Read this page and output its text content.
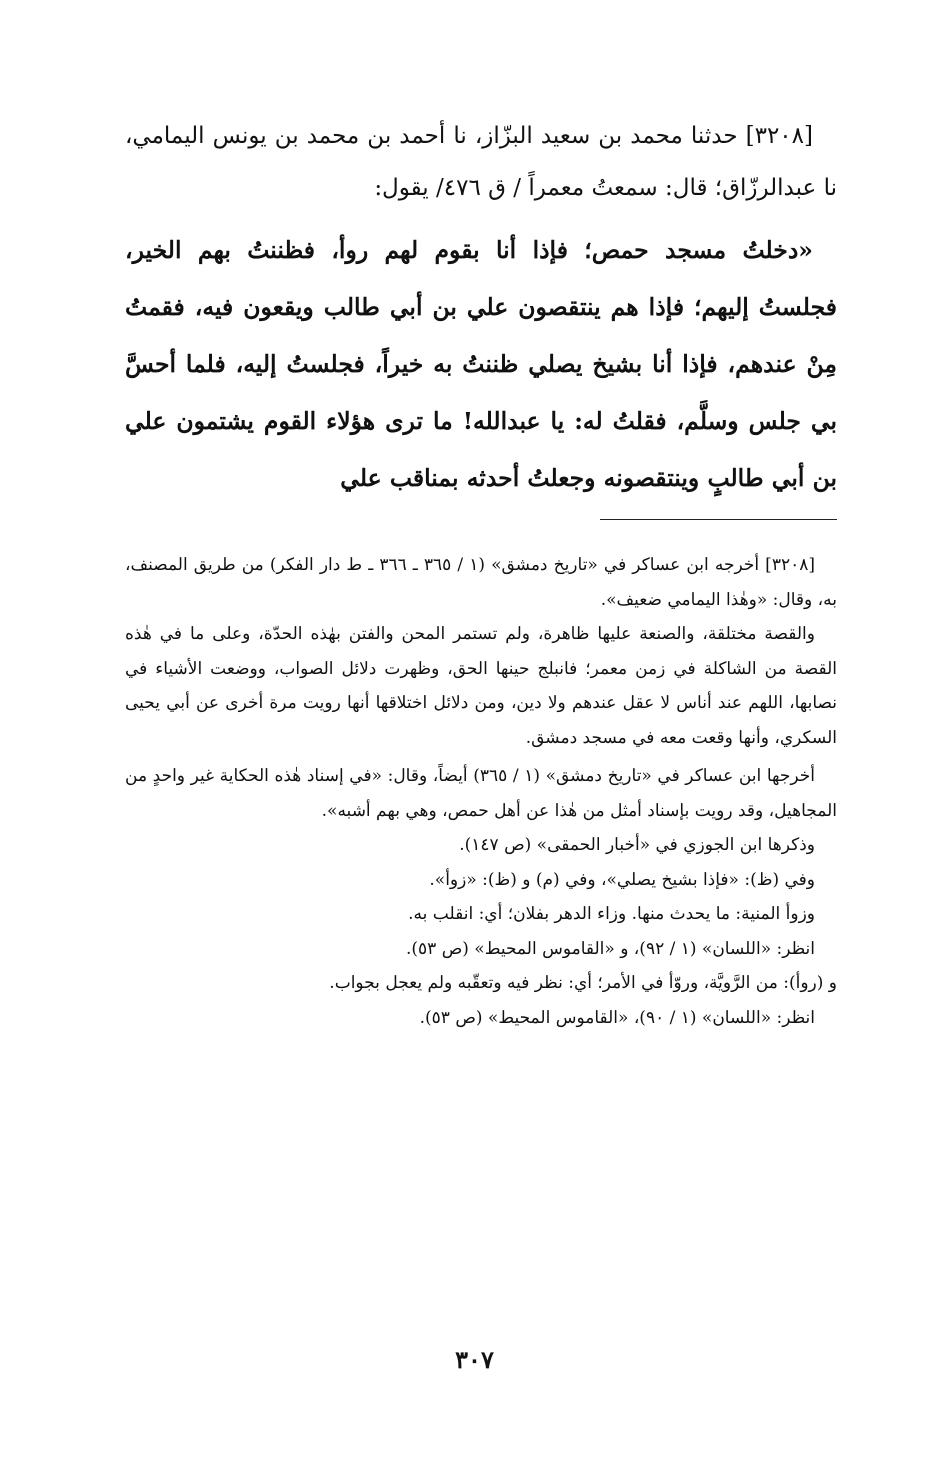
[٣٢٠٨] حدثنا محمد بن سعيد البزّاز، نا أحمد بن محمد بن يونس اليمامي، نا عبدالرزّاق؛ قال: سمعتُ معمراً / ق ٤٧٦/ يقول:

«دخلتُ مسجد حمص؛ فإذا أنا بقوم لهم روأ، فظننتُ بهم الخير، فجلستُ إليهم؛ فإذا هم ينتقصون علي بن أبي طالب ويقعون فيه، فقمتُ مِنْ عندهم، فإذا أنا بشيخ يصلي ظننتُ به خيراً، فجلستُ إليه، فلما أحسَّ بي جلس وسلَّم، فقلتُ له: يا عبدالله! ما ترى هؤلاء القوم يشتمون علي بن أبي طالبٍ وينتقصونه وجعلتُ أحدثه بمناقب علي

[٣٢٠٨] أخرجه ابن عساكر في «تاريخ دمشق» (١ / ٣٦٥ ـ ٣٦٦ ـ ط دار الفكر) من طريق المصنف، به، وقال: «وهٰذا اليمامي ضعيف».

والقصة مختلقة، والصنعة عليها ظاهرة، ولم تستمر المحن والفتن بهٰذه الحدّة، وعلى ما في هٰذه القصة من الشاكلة في زمن معمر؛ فانبلج حينها الحق، وظهرت دلائل الصواب، ووضعت الأشياء في نصابها، اللهم عند أناس لا عقل عندهم ولا دين، ومن دلائل اختلاقها أنها رويت مرة أخرى عن أبي يحيى السكري، وأنها وقعت معه في مسجد دمشق.

أخرجها ابن عساكر في «تاريخ دمشق» (١ / ٣٦٥) أيضاً، وقال: «في إسناد هٰذه الحكاية غير واحدٍ من المجاهيل، وقد رويت بإسناد أمثل من هٰذا عن أهل حمص، وهي بهم أشبه».

وذكرها ابن الجوزي في «أخبار الحمقى» (ص ١٤٧).

وفي (ظ): «فإذا بشيخ يصلي»، وفي (م) و (ظ): «زوأ».

وزوأ المنية: ما يحدث منها. وزاء الدهر بفلان؛ أي: انقلب به.

انظر: «اللسان» (١ / ٩٢)، و «القاموس المحيط» (ص ٥٣).

و (روأ): من الرَّويَّة، وروّأ في الأمر؛ أي: نظر فيه وتعقّبه ولم يعجل بجواب.

انظر: «اللسان» (١ / ٩٠)، «القاموس المحيط» (ص ٥٣).

٣٠٧
